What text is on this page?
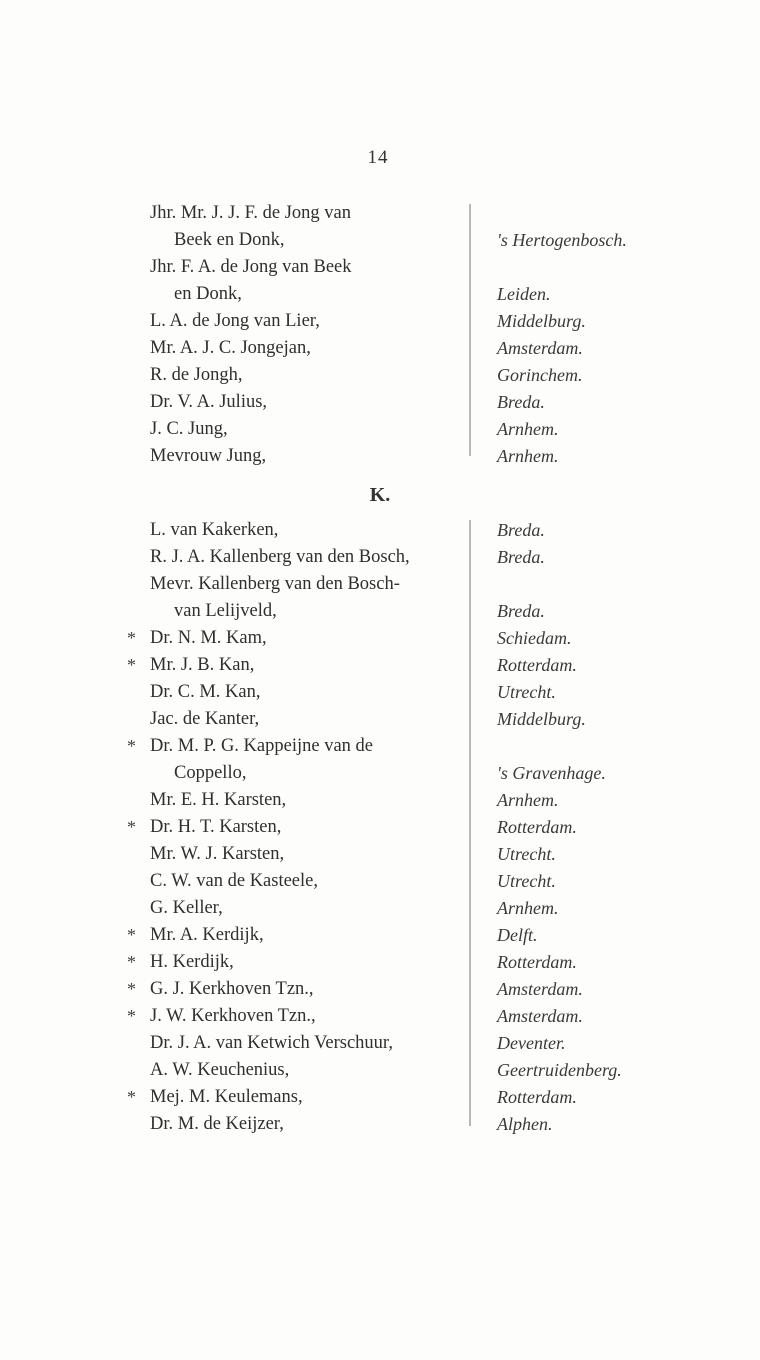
14
Jhr. Mr. J. J. F. de Jong van
Beek en Donk,	's Hertogenbosch.
Jhr. F. A. de Jong van Beek
en Donk,	Leiden.
L. A. de Jong van Lier,	Middelburg.
Mr. A. J. C. Jongejan,	Amsterdam.
R. de Jongh,	Gorinchem.
Dr. V. A. Julius,	Breda.
J. C. Jung,	Arnhem.
Mevrouw Jung,	Arnhem.
K.
L. van Kakerken,	Breda.
R. J. A. Kallenberg van den Bosch,	Breda.
Mevr. Kallenberg van den Bosch-
van Lelijveld,	Breda.
* Dr. N. M. Kam,	Schiedam.
* Mr. J. B. Kan,	Rotterdam.
Dr. C. M. Kan,	Utrecht.
Jac. de Kanter,	Middelburg.
* Dr. M. P. G. Kappeijne van de
Coppello,	's Gravenhage.
Mr. E. H. Karsten,	Arnhem.
* Dr. H. T. Karsten,	Rotterdam.
Mr. W. J. Karsten,	Utrecht.
C. W. van de Kasteele,	Utrecht.
G. Keller,	Arnhem.
* Mr. A. Kerdijk,	Delft.
* H. Kerdijk,	Rotterdam.
* G. J. Kerkhoven Tzn.,	Amsterdam.
* J. W. Kerkhoven Tzn.,	Amsterdam.
Dr. J. A. van Ketwich Verschuur,	Deventer.
A. W. Keuchenius,	Geertruidenberg.
* Mej. M. Keulemans,	Rotterdam.
Dr. M. de Keijzer,	Alphen.
